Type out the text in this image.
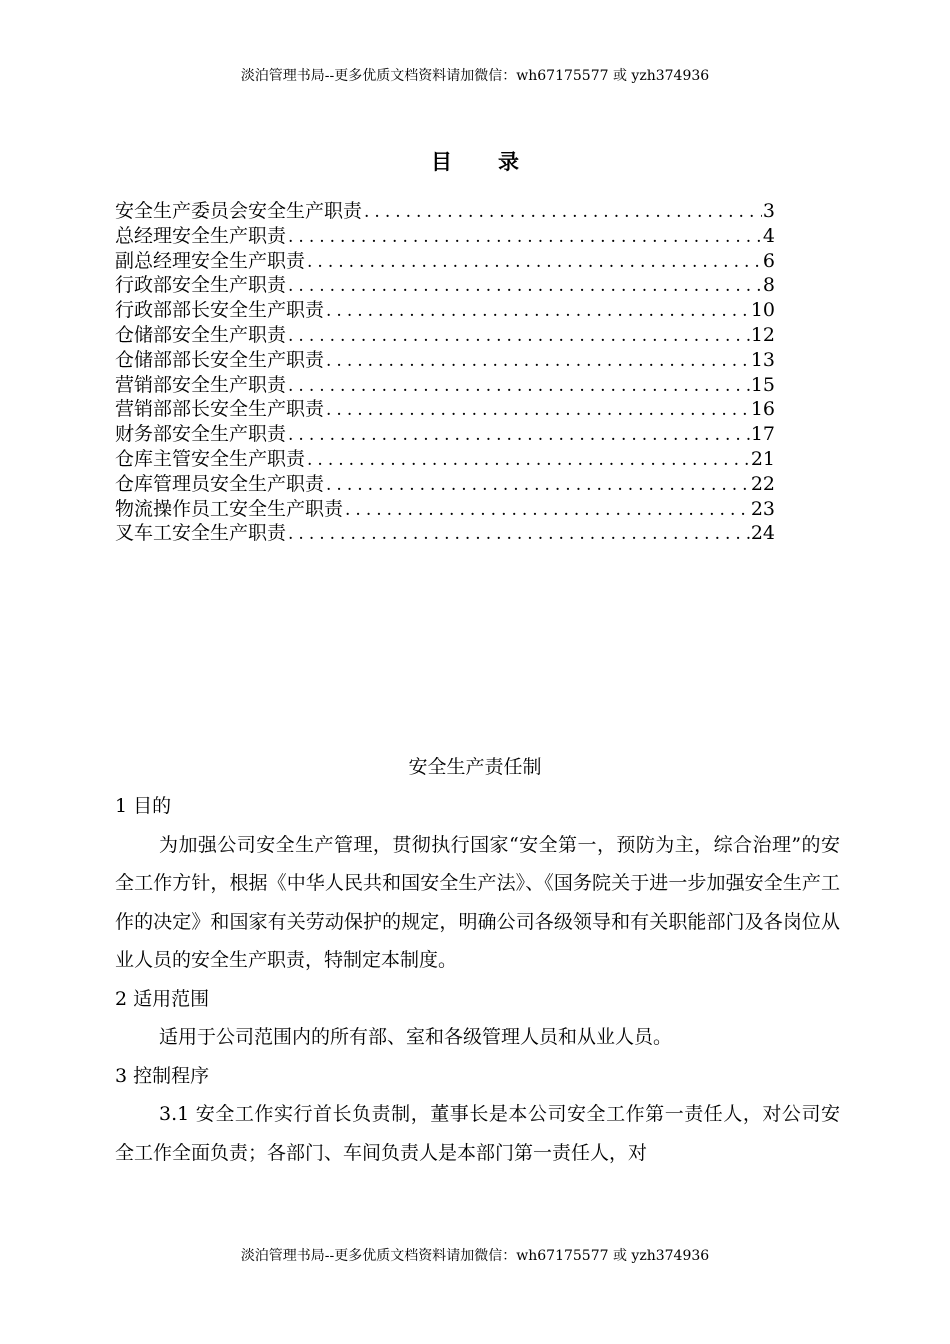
淡泊管理书局--更多优质文档资料请加微信：wh67175577 或 yzh374936
目录
安全生产委员会安全生产职责 .....	3
总经理安全生产职责 .....	4
副总经理安全生产职责 .....	6
行政部安全生产职责 .....	8
行政部部长安全生产职责 .....	10
仓储部安全生产职责 .....	12
仓储部部长安全生产职责 .....	13
营销部安全生产职责 .....	15
营销部部长安全生产职责 .....	16
财务部安全生产职责 .....	17
仓库主管安全生产职责 .....	21
仓库管理员安全生产职责 .....	22
物流操作员工安全生产职责 .....	23
叉车工安全生产职责 .....	24
安全生产责任制

1 目的

为加强公司安全生产管理，贯彻执行国家“安全第一，预防为主，综合治理”的安全工作方针，根据《中华人民共和国安全生产法》、《国务院关于进一步加强安全生产工作的决定》和国家有关劳动保护的规定，明确公司各级领导和有关职能部门及各岗位从业人员的安全生产职责，特制定本制度。

2 适用范围

适用于公司范围内的所有部、室和各级管理人员和从业人员。

3 控制程序

3.1 安全工作实行首长负责制，董事长是本公司安全工作第一责任人，对公司安全工作全面负责；各部门、车间负责人是本部门第一责任人，对

淡泊管理书局--更多优质文档资料请加微信：wh67175577 或 yzh374936
